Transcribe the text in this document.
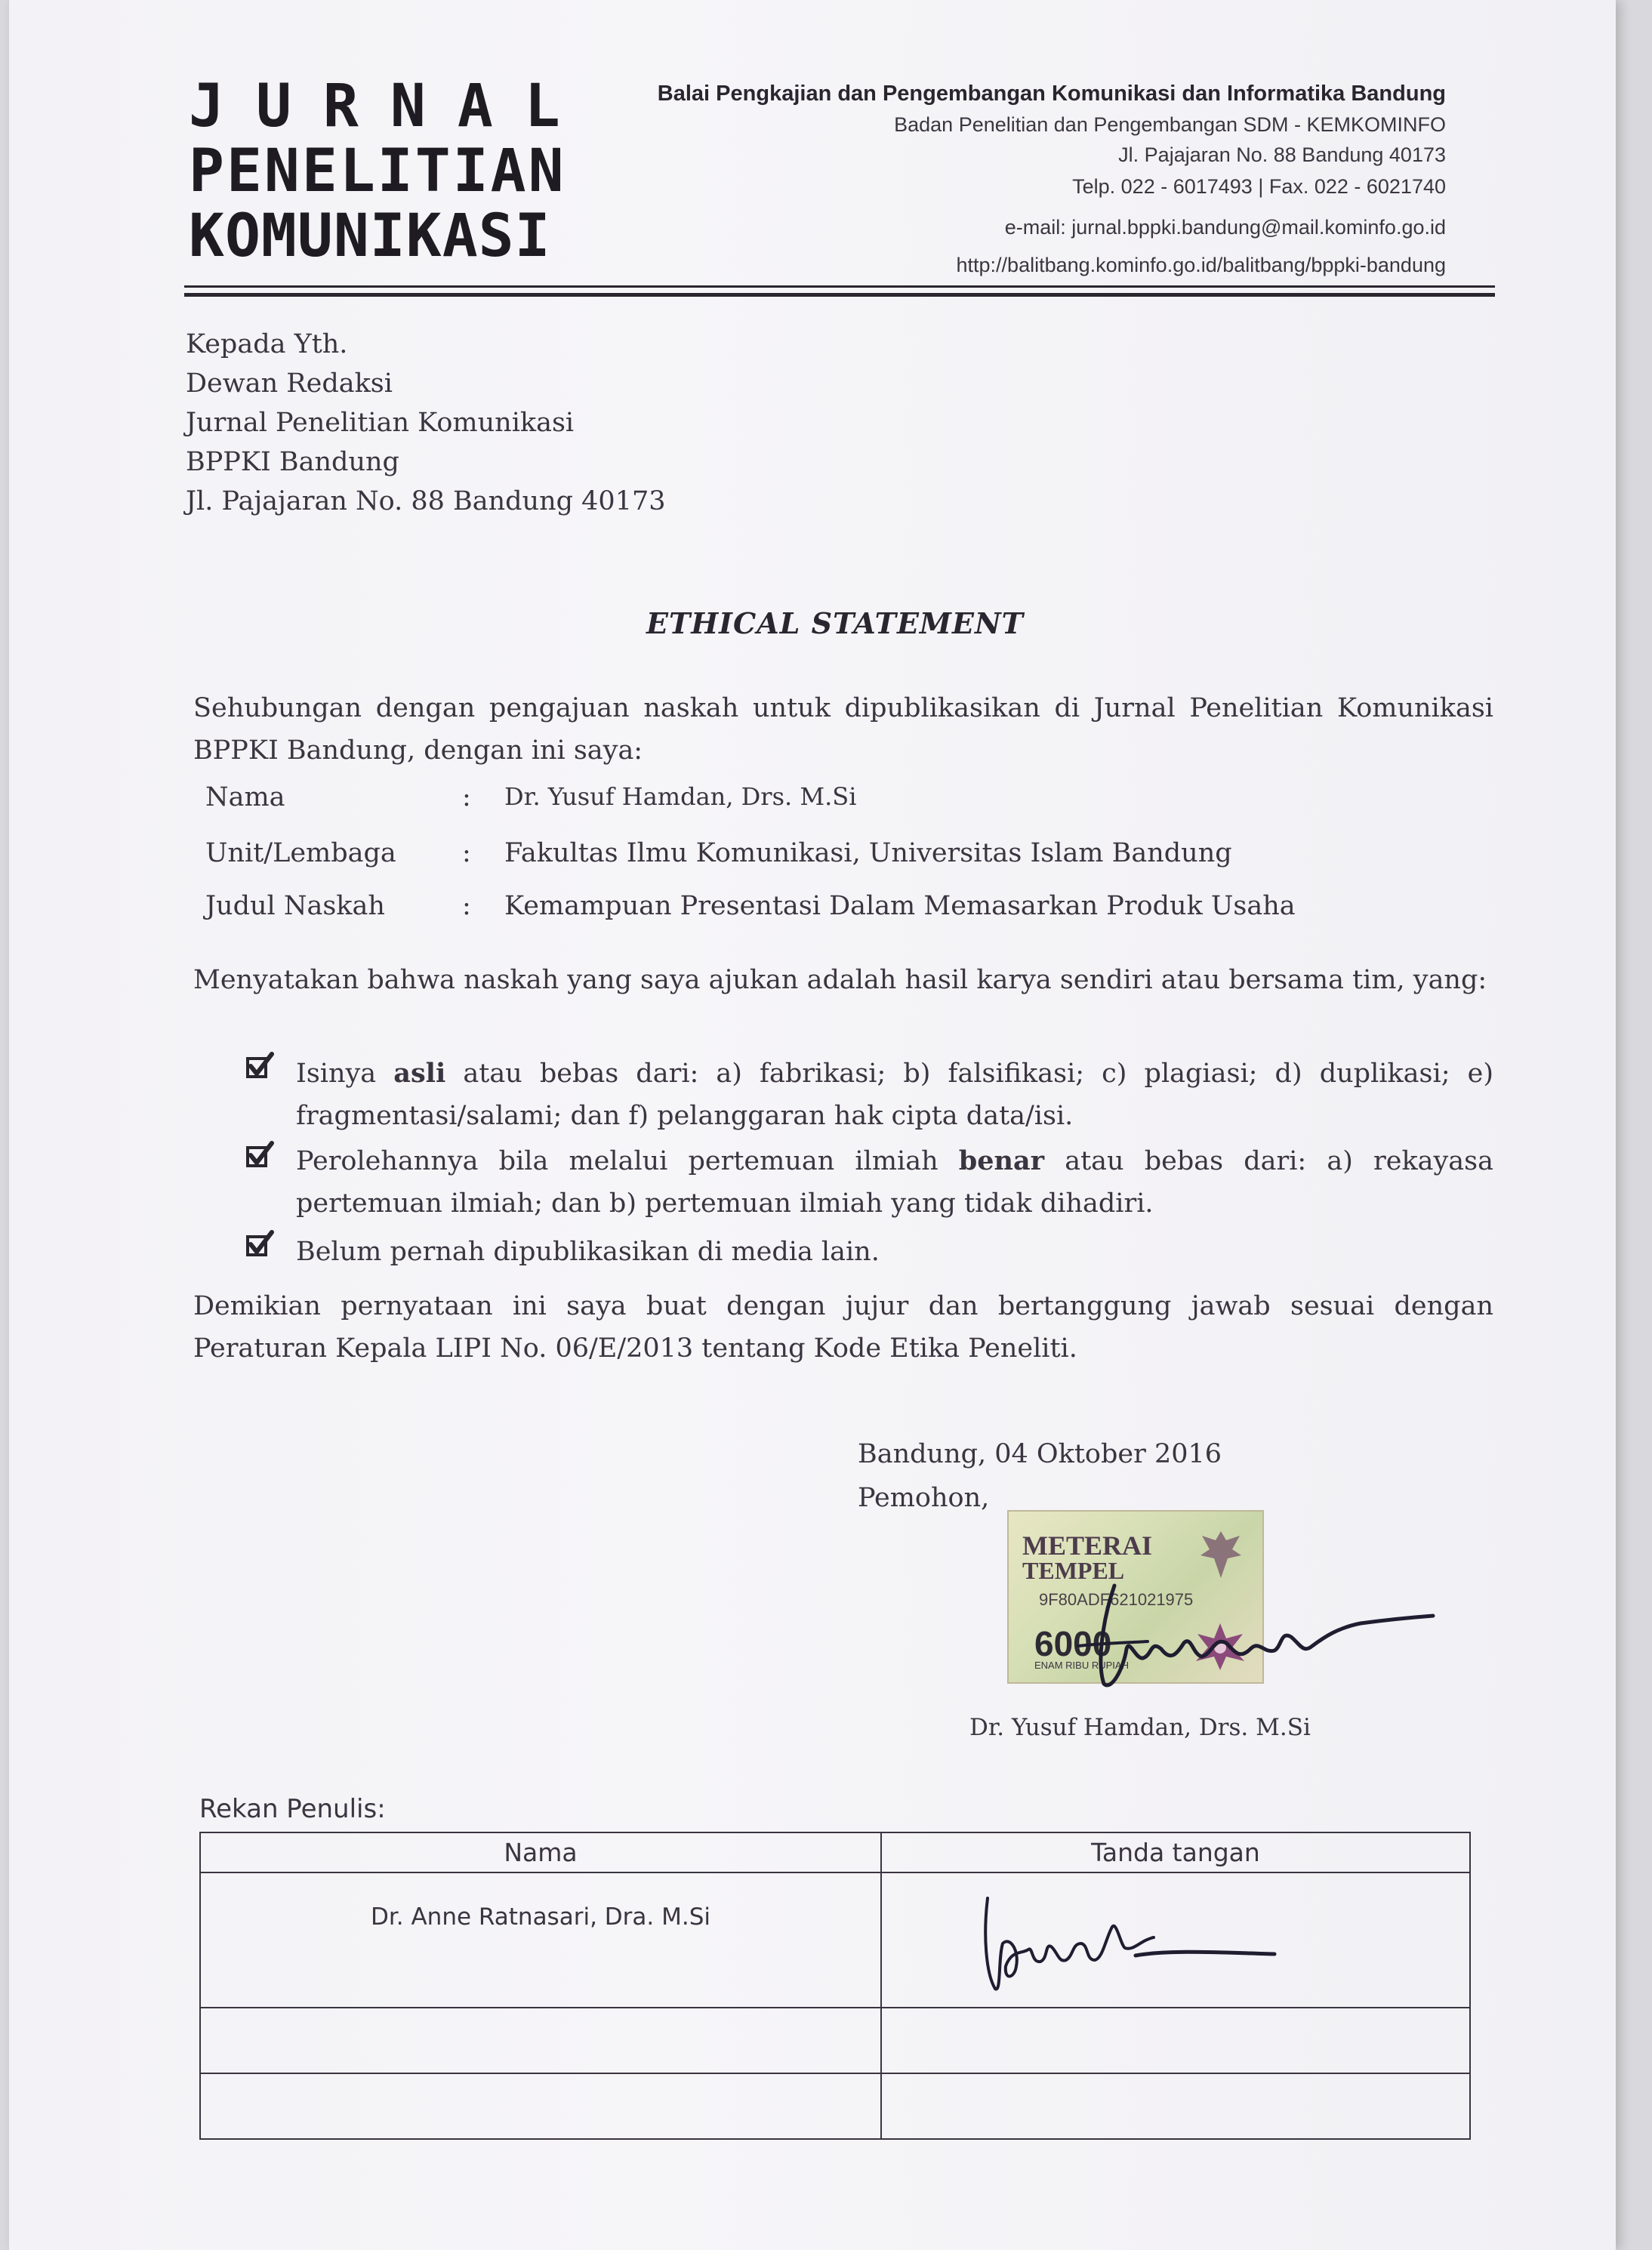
JURNAL
PENELITIAN
KOMUNIKASI
Balai Pengkajian dan Pengembangan Komunikasi dan Informatika Bandung
Badan Penelitian dan Pengembangan SDM - KEMKOMINFO
Jl. Pajajaran No. 88 Bandung 40173
Telp. 022 - 6017493 | Fax. 022 - 6021740
e-mail: jurnal.bppki.bandung@mail.kominfo.go.id
http://balitbang.kominfo.go.id/balitbang/bppki-bandung
Kepada Yth.
Dewan Redaksi
Jurnal Penelitian Komunikasi
BPPKI Bandung
Jl. Pajajaran No. 88 Bandung 40173
ETHICAL STATEMENT
Sehubungan dengan pengajuan naskah untuk dipublikasikan di Jurnal Penelitian Komunikasi BPPKI Bandung, dengan ini saya:
Nama	: Dr. Yusuf Hamdan, Drs. M.Si
Unit/Lembaga : Fakultas Ilmu Komunikasi, Universitas Islam Bandung
Judul Naskah	: Kemampuan Presentasi Dalam Memasarkan Produk Usaha
Menyatakan bahwa naskah yang saya ajukan adalah hasil karya sendiri atau bersama tim, yang:
Isinya asli atau bebas dari: a) fabrikasi; b) falsifikasi; c) plagiasi; d) duplikasi; e) fragmentasi/salami; dan f) pelanggaran hak cipta data/isi.
Perolehannya bila melalui pertemuan ilmiah benar atau bebas dari: a) rekayasa pertemuan ilmiah; dan b) pertemuan ilmiah yang tidak dihadiri.
Belum pernah dipublikasikan di media lain.
Demikian pernyataan ini saya buat dengan jujur dan bertanggung jawab sesuai dengan Peraturan Kepala LIPI No. 06/E/2013 tentang Kode Etika Peneliti.
Bandung, 04 Oktober 2016
Pemohon,
METERAI
TEMPEL
9F80ADF621021975
6000
ENAM RIBU RUPIAH
Dr. Yusuf Hamdan, Drs. M.Si
Rekan Penulis:
Nama	Tanda tangan
Dr. Anne Ratnasari, Dra. M.Si	
